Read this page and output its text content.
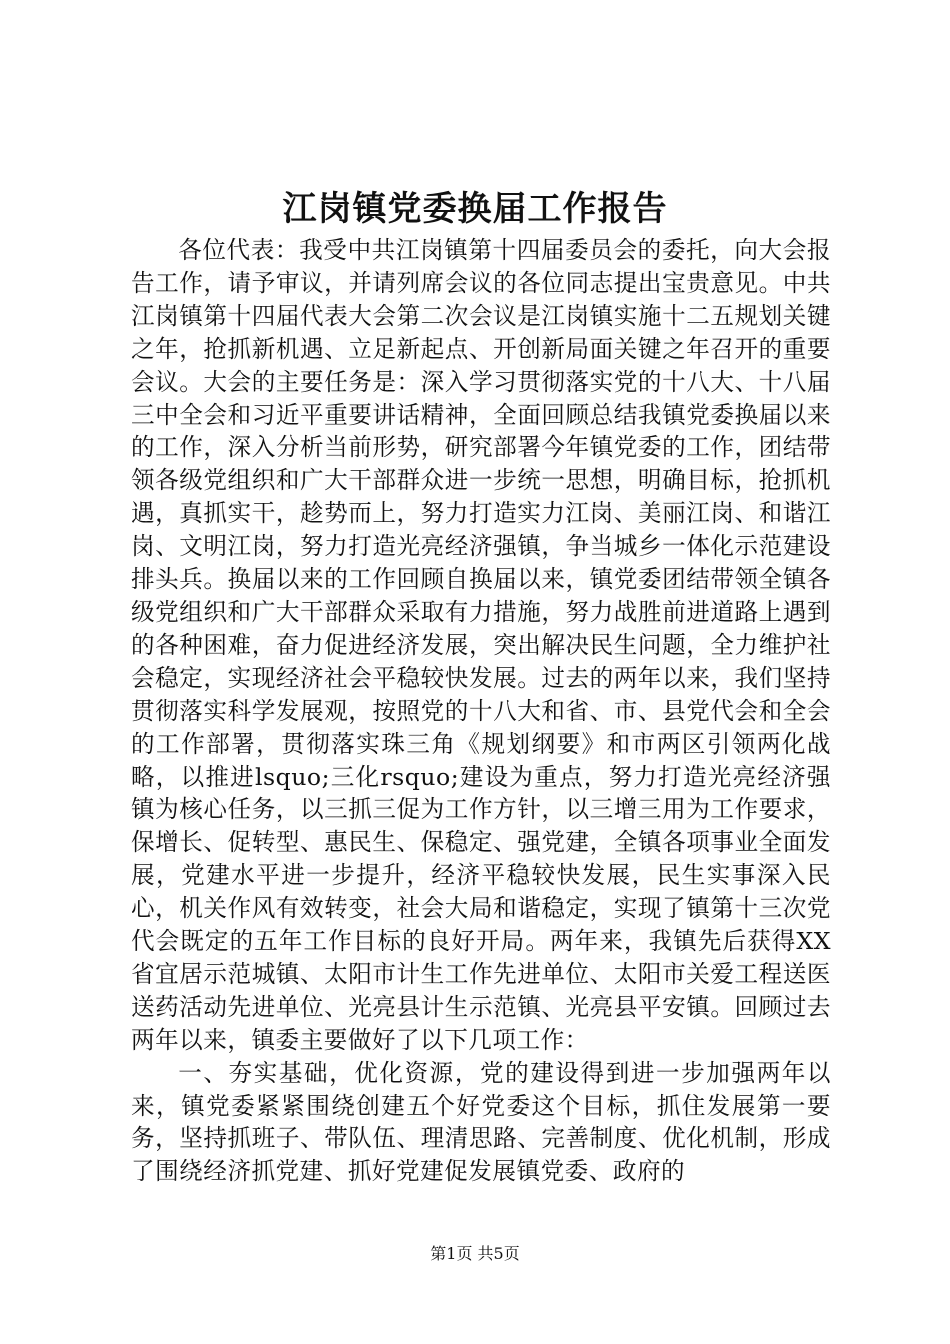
江岗镇党委换届工作报告

各位代表：我受中共江岗镇第十四届委员会的委托，向大会报告工作，请予审议，并请列席会议的各位同志提出宝贵意见。中共江岗镇第十四届代表大会第二次会议是江岗镇实施十二五规划关键之年，抢抓新机遇、立足新起点、开创新局面关键之年召开的重要会议。大会的主要任务是：深入学习贯彻落实党的十八大、十八届三中全会和习近平重要讲话精神，全面回顾总结我镇党委换届以来的工作，深入分析当前形势，研究部署今年镇党委的工作，团结带领各级党组织和广大干部群众进一步统一思想，明确目标，抢抓机遇，真抓实干，趁势而上，努力打造实力江岗、美丽江岗、和谐江岗、文明江岗，努力打造光亮经济强镇，争当城乡一体化示范建设排头兵。换届以来的工作回顾自换届以来，镇党委团结带领全镇各级党组织和广大干部群众采取有力措施，努力战胜前进道路上遇到的各种困难，奋力促进经济发展，突出解决民生问题，全力维护社会稳定，实现经济社会平稳较快发展。过去的两年以来，我们坚持贯彻落实科学发展观，按照党的十八大和省、市、县党代会和全会的工作部署，贯彻落实珠三角《规划纲要》和市两区引领两化战略，以推进lsquo;三化rsquo;建设为重点，努力打造光亮经济强镇为核心任务，以三抓三促为工作方针，以三增三用为工作要求，保增长、促转型、惠民生、保稳定、强党建，全镇各项事业全面发展，党建水平进一步提升，经济平稳较快发展，民生实事深入民心，机关作风有效转变，社会大局和谐稳定，实现了镇第十三次党代会既定的五年工作目标的良好开局。两年来，我镇先后获得XX省宜居示范城镇、太阳市计生工作先进单位、太阳市关爱工程送医送药活动先进单位、光亮县计生示范镇、光亮县平安镇。回顾过去两年以来，镇委主要做好了以下几项工作：

一、夯实基础，优化资源，党的建设得到进一步加强两年以来，镇党委紧紧围绕创建五个好党委这个目标，抓住发展第一要务，坚持抓班子、带队伍、理清思路、完善制度、优化机制，形成了围绕经济抓党建、抓好党建促发展镇党委、政府的

第1页 共5页
